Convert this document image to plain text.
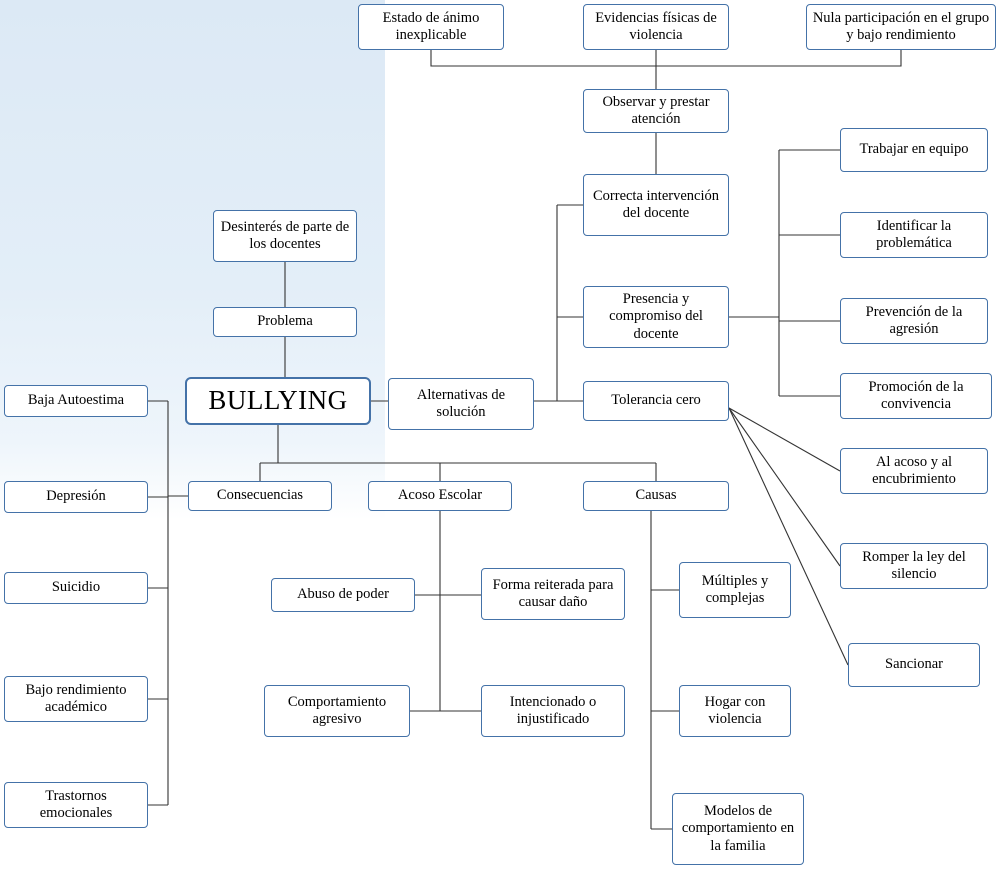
Estado de ánimo inexplicable
Evidencias físicas de violencia
Nula participación en el grupo y bajo rendimiento
Observar y prestar atención
Correcta intervención del docente
Presencia y compromiso del docente
Tolerancia cero
Trabajar en equipo
Identificar la problemática
Prevención de la agresión
Promoción de la convivencia
Al acoso y al encubrimiento
Romper la ley del silencio
Sancionar
Desinterés de parte de los docentes
Problema
BULLYING	Alternativas de solución
Baja Autoestima
Depresión
Suicidio
Bajo rendimiento académico
Trastornos emocionales
Consecuencias	Acoso Escolar	Causas
Abuso de poder
Forma reiterada para causar daño
Comportamiento agresivo
Intencionado o injustificado
Múltiples y complejas
Hogar con violencia
Modelos de comportamiento en la familia
